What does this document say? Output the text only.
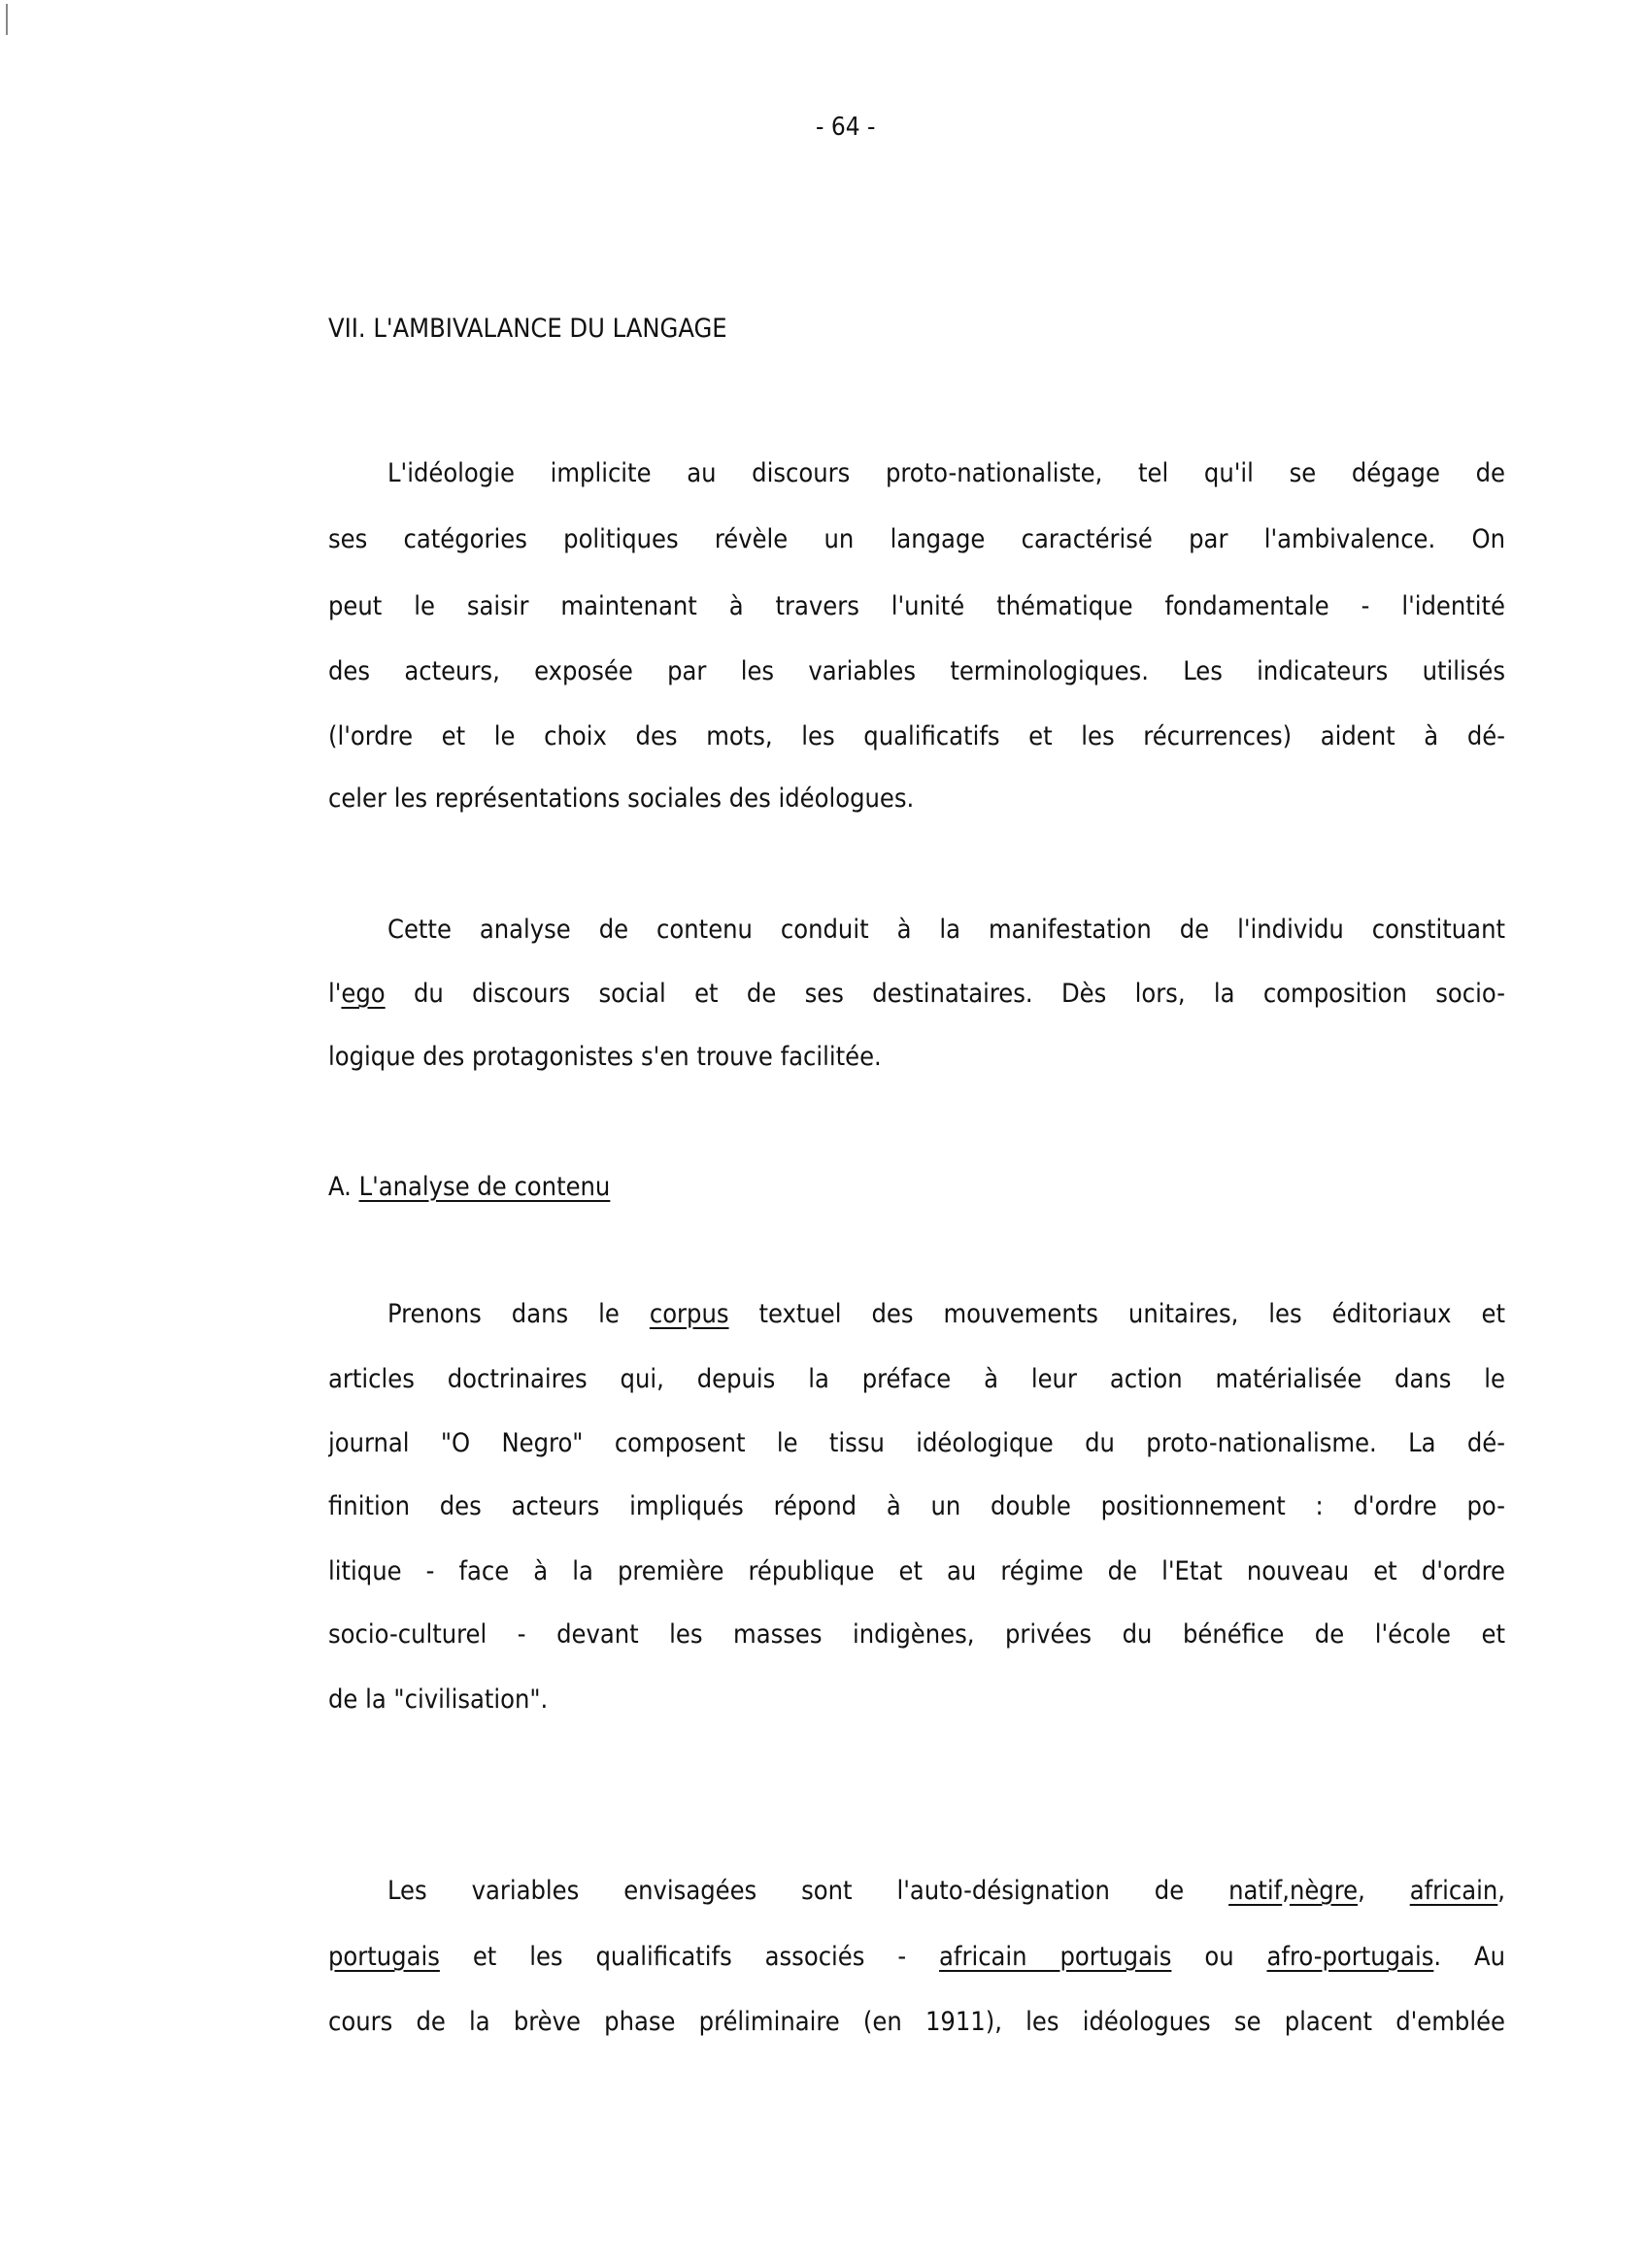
- 64 -
VII. L'AMBIVALANCE DU LANGAGE
L'idéologie implicite au discours proto-nationaliste, tel qu'il se dégage de
ses catégories politiques révèle un langage caractérisé par l'ambivalence. On
peut le saisir maintenant à travers l'unité thématique fondamentale - l'identité
des acteurs, exposée par les variables terminologiques. Les indicateurs utilisés
(l'ordre et le choix des mots, les qualificatifs et les récurrences) aident à dé-
celer les représentations sociales des idéologues.
Cette analyse de contenu conduit à la manifestation de l'individu constituant
l'ego du discours social et de ses destinataires. Dès lors, la composition socio-
logique des protagonistes s'en trouve facilitée.
A. L'analyse de contenu
Prenons dans le corpus textuel des mouvements unitaires, les éditoriaux et
articles doctrinaires qui, depuis la préface à leur action matérialisée dans le
journal "O Negro" composent le tissu idéologique du proto-nationalisme. La dé-
finition des acteurs impliqués répond à un double positionnement : d'ordre po-
litique - face à la première république et au régime de l'Etat nouveau et d'ordre
socio-culturel - devant les masses indigènes, privées du bénéfice de l'école et
de la "civilisation".
Les variables envisagées sont l'auto-désignation de natif,nègre, africain,
portugais et les qualificatifs associés - africain portugais ou afro-portugais. Au
cours de la brève phase préliminaire (en 1911), les idéologues se placent d'emblée
